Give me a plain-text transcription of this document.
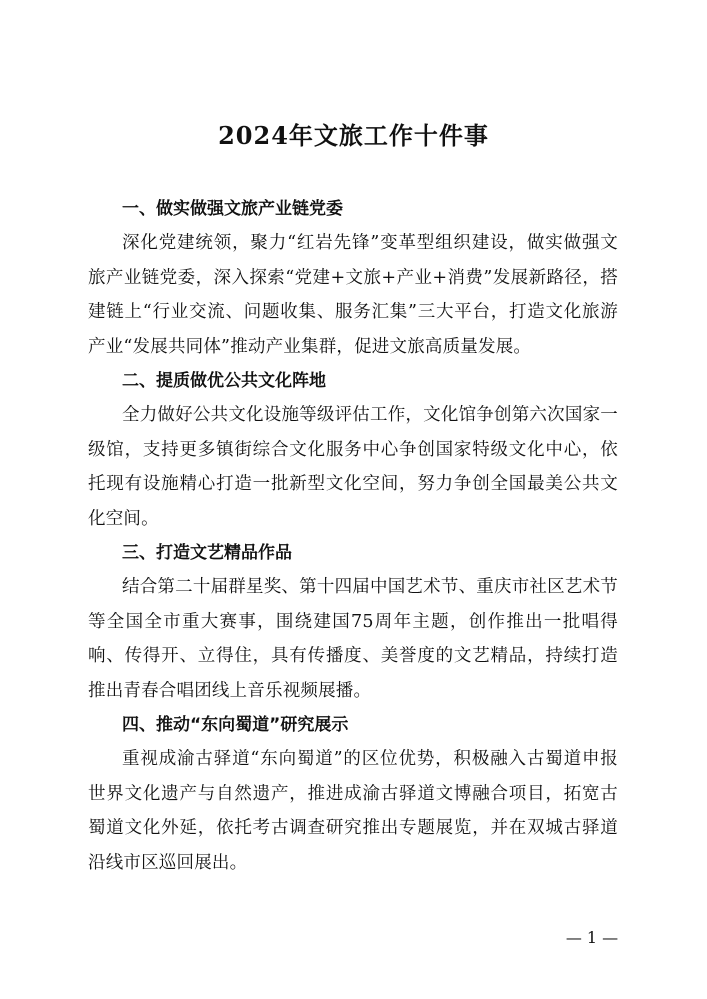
2024年文旅工作十件事
一、做实做强文旅产业链党委

深化党建统领，聚力“红岩先锋”变革型组织建设，做实做强文旅产业链党委，深入探索“党建+文旅+产业+消费”发展新路径，搭建链上“行业交流、问题收集、服务汇集”三大平台，打造文化旅游产业“发展共同体”推动产业集群，促进文旅高质量发展。

二、提质做优公共文化阵地

全力做好公共文化设施等级评估工作，文化馆争创第六次国家一级馆，支持更多镇街综合文化服务中心争创国家特级文化中心，依托现有设施精心打造一批新型文化空间，努力争创全国最美公共文化空间。

三、打造文艺精品作品

结合第二十届群星奖、第十四届中国艺术节、重庆市社区艺术节等全国全市重大赛事，围绕建国75周年主题，创作推出一批唱得响、传得开、立得住，具有传播度、美誉度的文艺精品，持续打造推出青春合唱团线上音乐视频展播。

四、推动“东向蜀道”研究展示

重视成渝古驿道“东向蜀道”的区位优势，积极融入古蜀道申报世界文化遗产与自然遗产，推进成渝古驿道文博融合项目，拓宽古蜀道文化外延，依托考古调查研究推出专题展览，并在双城古驿道沿线市区巡回展出。

— 1 —
